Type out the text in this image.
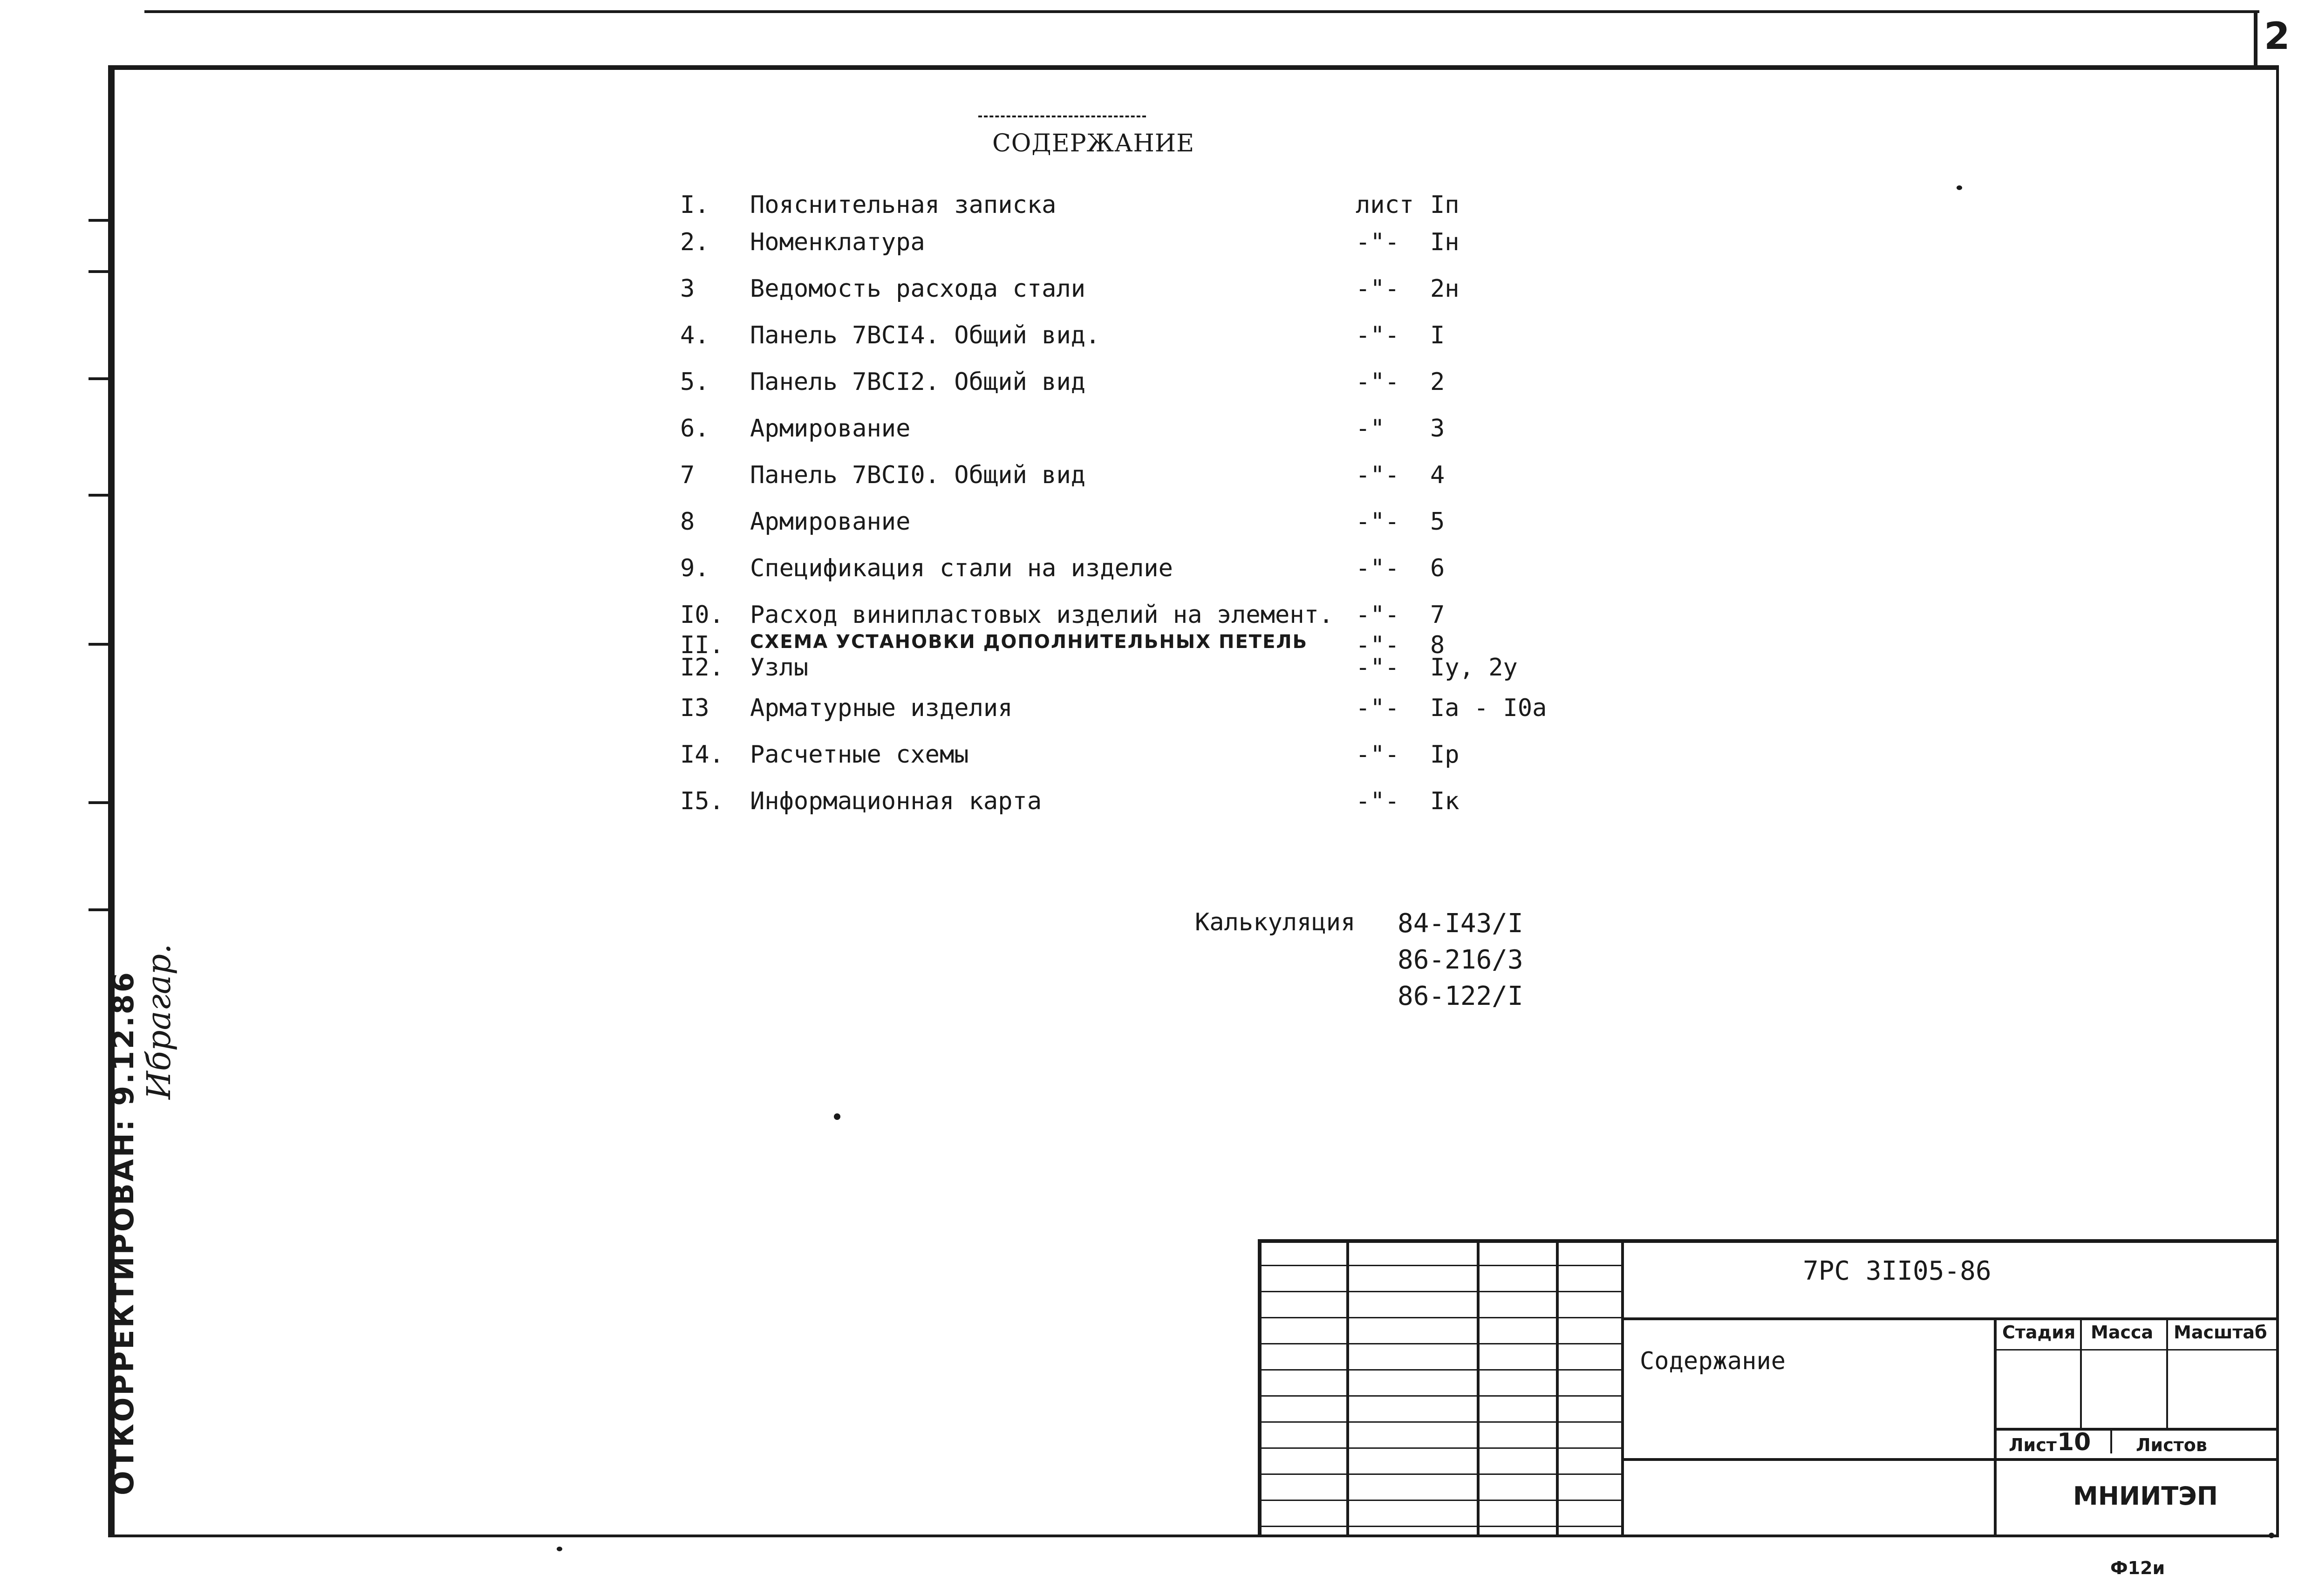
2
ОТКОРРЕКТИРОВАН: 9.12.86 Ибрагар.
СОДЕРЖАНИЕ
I. Пояснительная записка	лист Iп
2. Номенклатура	-"- Iн
3 Ведомость расхода стали	-"- 2н
4. Панель 7ВСI4. Общий вид.	-"- I
5. Панель 7ВСI2. Общий вид	-"- 2
6. Армирование	-" 3
7 Панель 7ВСI0. Общий вид	-"- 4
8 Армирование	-"- 5
9. Спецификация стали на изделие	-"- 6
I0. Расход винипластовых изделий на элемент. -"- 7
II. СХЕМА УСТАНОВКИ ДОПОЛНИТЕЛЬНЫХ ПЕТЕЛЬ -"- 8
I2. Узлы	-"- Iу, 2у
I3 Арматурные изделия	-"- Iа - I0а
I4. Расчетные схемы	-"- Iр
I5. Информационная карта	-"- Iк
Калькуляция 84-I43/I
86-216/3
86-122/I
7РС 3II05-86
Содержание
Стадия Масса Масштаб
Лист 10	Листов
МНИИТЭП
Ф12и
